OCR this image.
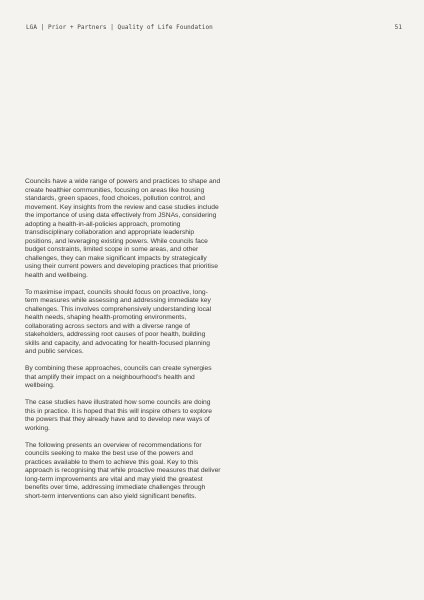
LGA | Prior + Partners | Quality of Life Foundation	51

Councils have a wide range of powers and practices to shape and create healthier communities, focusing on areas like housing standards, green spaces, food choices, pollution control, and movement. Key insights from the review and case studies include the importance of using data effectively from JSNAs, considering adopting a health-in-all-policies approach, promoting transdisciplinary collaboration and appropriate leadership positions, and leveraging existing powers. While councils face budget constraints, limited scope in some areas, and other challenges, they can make significant impacts by strategically using their current powers and developing practices that prioritise health and wellbeing.

To maximise impact, councils should focus on proactive, long-term measures while assessing and addressing immediate key challenges. This involves comprehensively understanding local health needs, shaping health-promoting environments, collaborating across sectors and with a diverse range of stakeholders, addressing root causes of poor health, building skills and capacity, and advocating for health-focused planning and public services.

By combining these approaches, councils can create synergies that amplify their impact on a neighbourhood's health and wellbeing.

The case studies have illustrated how some councils are doing this in practice. It is hoped that this will inspire others to explore the powers that they already have and to develop new ways of working.

The following presents an overview of recommendations for councils seeking to make the best use of the powers and practices available to them to achieve this goal. Key to this approach is recognising that while proactive measures that deliver long-term improvements are vital and may yield the greatest benefits over time, addressing immediate challenges through short-term interventions can also yield significant benefits.
